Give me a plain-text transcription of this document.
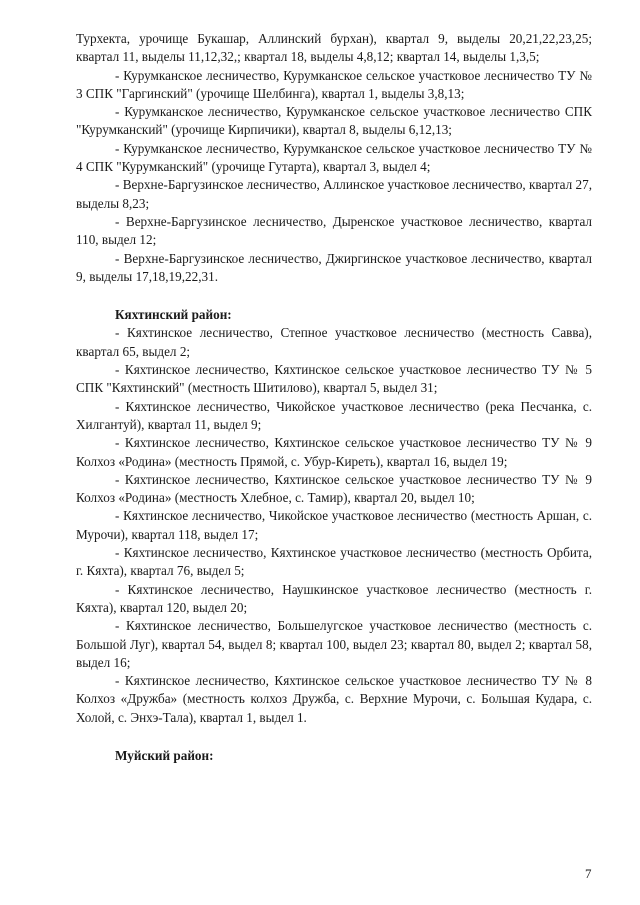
Турхекта, урочище Букашар, Аллинский бурхан), квартал 9, выделы 20,21,22,23,25; квартал 11, выделы 11,12,32,; квартал 18, выделы 4,8,12; квартал 14, выделы 1,3,5;

- Курумканское лесничество, Курумканское сельское участковое лесничество ТУ № 3 СПК "Гаргинский" (урочище Шелбинга), квартал 1, выделы 3,8,13;

- Курумканское лесничество, Курумканское сельское участковое лесничество СПК "Курумканский" (урочище Кирпичики), квартал 8, выделы 6,12,13;

- Курумканское лесничество, Курумканское сельское участковое лесничество ТУ № 4 СПК "Курумканский" (урочище Гутарта), квартал 3, выдел 4;

- Верхне-Баргузинское лесничество, Аллинское участковое лесничество, квартал 27, выделы 8,23;

- Верхне-Баргузинское лесничество, Дыренское участковое лесничество, квартал 110, выдел 12;

- Верхне-Баргузинское лесничество, Джиргинское участковое лесничество, квартал 9, выделы 17,18,19,22,31.

Кяхтинский район:

- Кяхтинское лесничество, Степное участковое лесничество (местность Савва), квартал 65, выдел 2;

- Кяхтинское лесничество, Кяхтинское сельское участковое лесничество ТУ № 5 СПК "Кяхтинский" (местность Шитилово), квартал 5, выдел 31;

- Кяхтинское лесничество, Чикойское участковое лесничество (река Песчанка, с. Хилгантуй), квартал 11, выдел 9;

- Кяхтинское лесничество, Кяхтинское сельское участковое лесничество ТУ № 9 Колхоз «Родина» (местность Прямой, с. Убур-Киреть), квартал 16, выдел 19;

- Кяхтинское лесничество, Кяхтинское сельское участковое лесничество ТУ № 9 Колхоз «Родина» (местность Хлебное, с. Тамир), квартал 20, выдел 10;

- Кяхтинское лесничество, Чикойское участковое лесничество (местность Аршан, с. Мурочи), квартал 118, выдел 17;

- Кяхтинское лесничество, Кяхтинское участковое лесничество (местность Орбита, г. Кяхта), квартал 76, выдел 5;

- Кяхтинское лесничество, Наушкинское участковое лесничество (местность г. Кяхта), квартал 120, выдел 20;

- Кяхтинское лесничество, Большелугское участковое лесничество (местность с. Большой Луг), квартал 54, выдел 8; квартал 100, выдел 23; квартал 80, выдел 2; квартал 58, выдел 16;

- Кяхтинское лесничество, Кяхтинское сельское участковое лесничество ТУ № 8 Колхоз «Дружба» (местность колхоз Дружба, с. Верхние Мурочи, с. Большая Кудара, с. Холой, с. Энхэ-Тала), квартал 1, выдел 1.

Муйский район:

7
